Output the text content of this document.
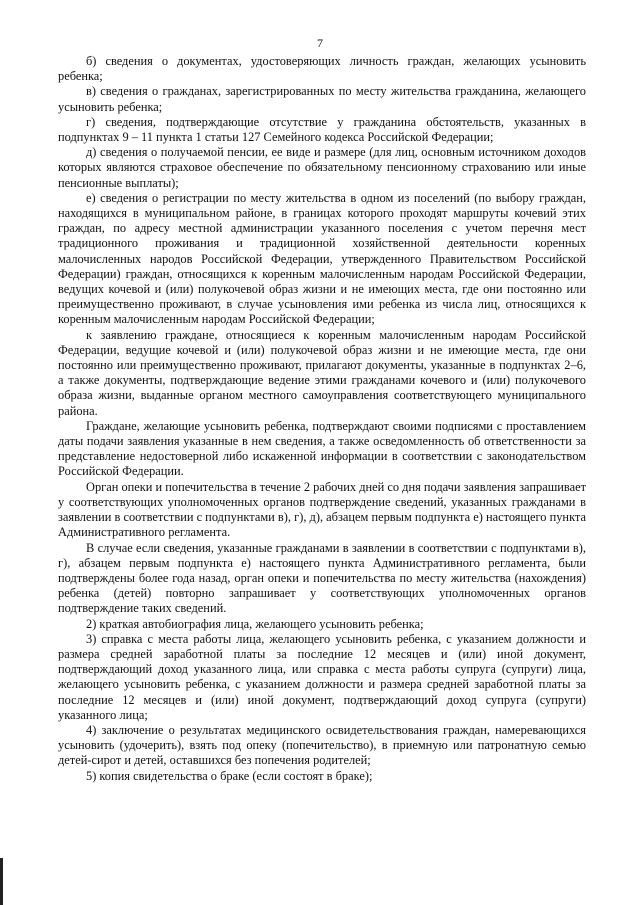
7

б) сведения о документах, удостоверяющих личность граждан, желающих усыновить ребенка;

в) сведения о гражданах, зарегистрированных по месту жительства гражданина, желающего усыновить ребенка;

г) сведения, подтверждающие отсутствие у гражданина обстоятельств, указанных в подпунктах 9 – 11 пункта 1 статьи 127 Семейного кодекса Российской Федерации;

д) сведения о получаемой пенсии, ее виде и размере (для лиц, основным источником доходов которых являются страховое обеспечение по обязательному пенсионному страхованию или иные пенсионные выплаты);

е) сведения о регистрации по месту жительства в одном из поселений (по выбору граждан, находящихся в муниципальном районе, в границах которого проходят маршруты кочевий этих граждан, по адресу местной администрации указанного поселения с учетом перечня мест традиционного проживания и традиционной хозяйственной деятельности коренных малочисленных народов Российской Федерации, утвержденного Правительством Российской Федерации) граждан, относящихся к коренным малочисленным народам Российской Федерации, ведущих кочевой и (или) полукочевой образ жизни и не имеющих места, где они постоянно или преимущественно проживают, в случае усыновления ими ребенка из числа лиц, относящихся к коренным малочисленным народам Российской Федерации;

к заявлению граждане, относящиеся к коренным малочисленным народам Российской Федерации, ведущие кочевой и (или) полукочевой образ жизни и не имеющие места, где они постоянно или преимущественно проживают, прилагают документы, указанные в подпунктах 2–6, а также документы, подтверждающие ведение этими гражданами кочевого и (или) полукочевого образа жизни, выданные органом местного самоуправления соответствующего муниципального района.

Граждане, желающие усыновить ребенка, подтверждают своими подписями с проставлением даты подачи заявления указанные в нем сведения, а также осведомленность об ответственности за представление недостоверной либо искаженной информации в соответствии с законодательством Российской Федерации.

Орган опеки и попечительства в течение 2 рабочих дней со дня подачи заявления запрашивает у соответствующих уполномоченных органов подтверждение сведений, указанных гражданами в заявлении в соответствии с подпунктами в), г), д), абзацем первым подпункта е) настоящего пункта Административного регламента.

В случае если сведения, указанные гражданами в заявлении в соответствии с подпунктами в), г), абзацем первым подпункта е) настоящего пункта Административного регламента, были подтверждены более года назад, орган опеки и попечительства по месту жительства (нахождения) ребенка (детей) повторно запрашивает у соответствующих уполномоченных органов подтверждение таких сведений.

2) краткая автобиография лица, желающего усыновить ребенка;

3) справка с места работы лица, желающего усыновить ребенка, с указанием должности и размера средней заработной платы за последние 12 месяцев и (или) иной документ, подтверждающий доход указанного лица, или справка с места работы супруга (супруги) лица, желающего усыновить ребенка, с указанием должности и размера средней заработной платы за последние 12 месяцев и (или) иной документ, подтверждающий доход супруга (супруги) указанного лица;

4) заключение о результатах медицинского освидетельствования граждан, намеревающихся усыновить (удочерить), взять под опеку (попечительство), в приемную или патронатную семью детей-сирот и детей, оставшихся без попечения родителей;

5) копия свидетельства о браке (если состоят в браке);
